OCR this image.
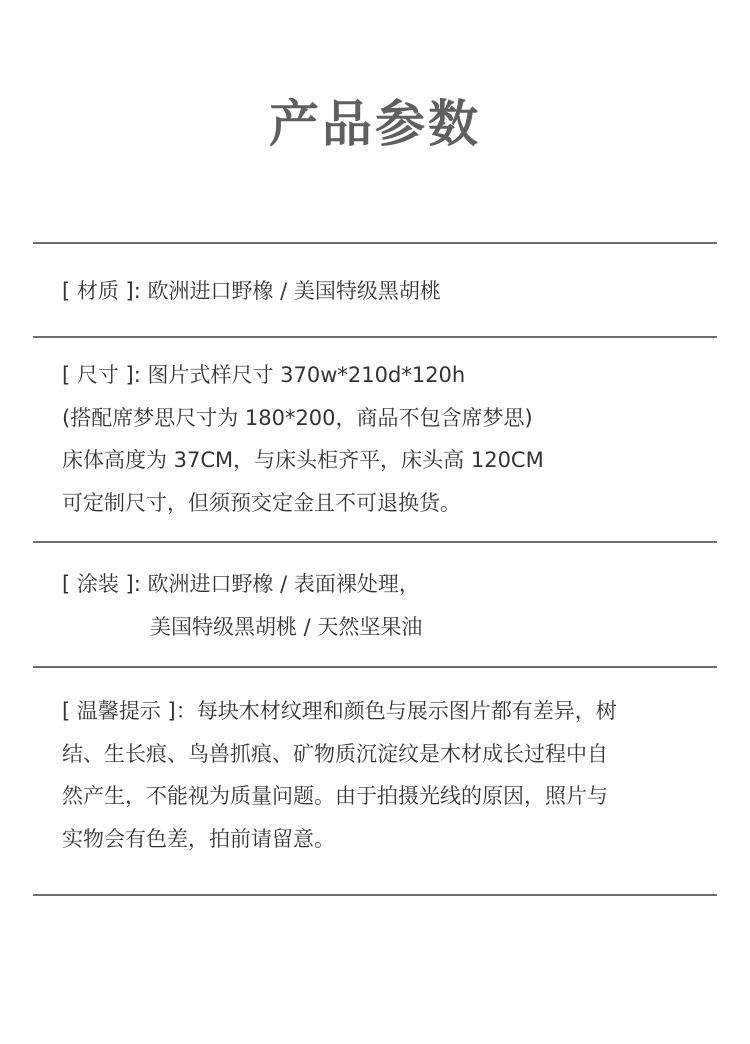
产品参数
[ 材质 ]: 欧洲进口野橡 / 美国特级黑胡桃
[ 尺寸 ]: 图片式样尺寸 370w*210d*120h
(搭配席梦思尺寸为 180*200，商品不包含席梦思)
床体高度为 37CM，与床头柜齐平，床头高 120CM
可定制尺寸，但须预交定金且不可退换货。
[ 涂装 ]: 欧洲进口野橡 / 表面裸处理，
美国特级黑胡桃 / 天然坚果油
[ 温馨提示 ]：每块木材纹理和颜色与展示图片都有差异，树
结、生长痕、鸟兽抓痕、矿物质沉淀纹是木材成长过程中自
然产生，不能视为质量问题。由于拍摄光线的原因，照片与
实物会有色差，拍前请留意。
